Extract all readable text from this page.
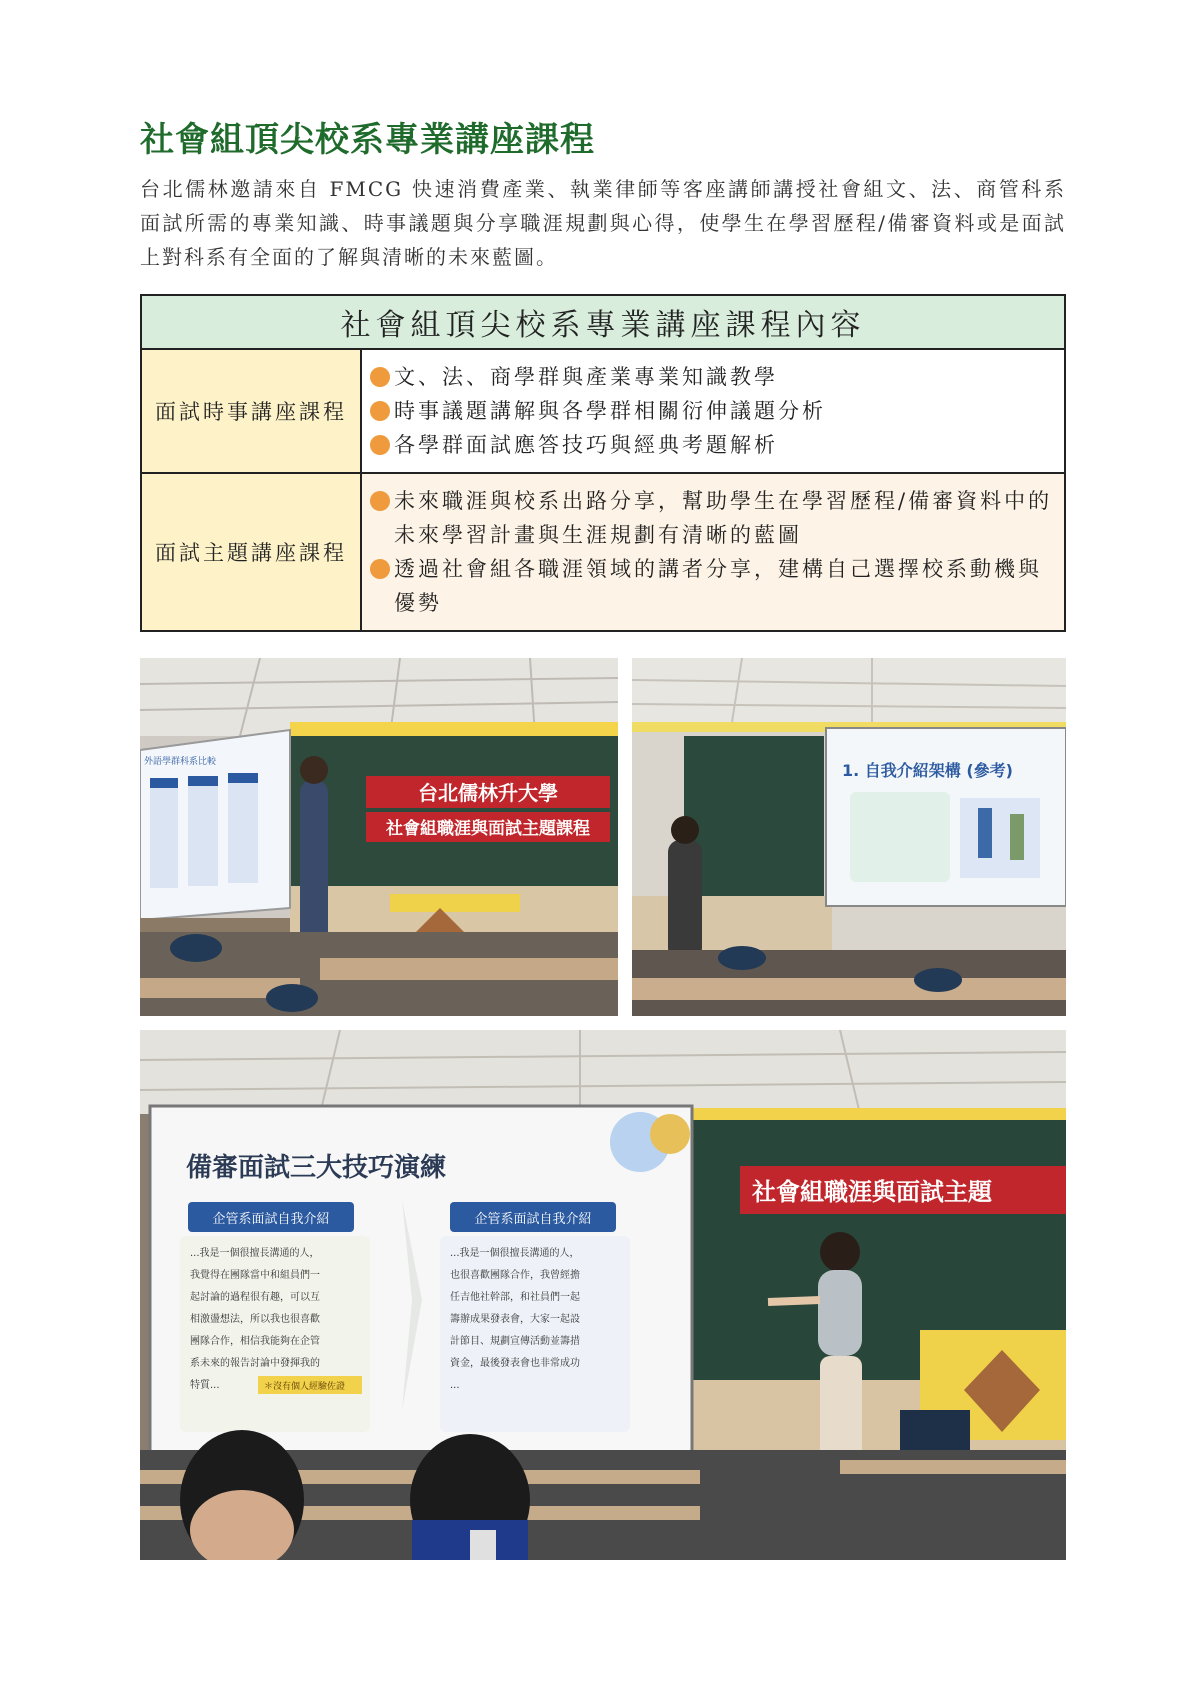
社會組頂尖校系專業講座課程
台北儒林邀請來自 FMCG 快速消費產業、執業律師等客座講師講授社會組文、法、商管科系面試所需的專業知識、時事議題與分享職涯規劃與心得，使學生在學習歷程/備審資料或是面試上對科系有全面的了解與清晰的未來藍圖。
社會組頂尖校系專業講座課程內容	
面試時事講座課程	文、法、商學群與產業專業知識教學
時事議題講解與各學群相關衍伸議題分析
各學群面試應答技巧與經典考題解析

面試主題講座課程	未來職涯與校系出路分享，幫助學生在學習歷程/備審資料中的未來學習計畫與生涯規劃有清晰的藍圖
透過社會組各職涯領域的講者分享，建構自己選擇校系動機與優勢
外語學群科系比較
台北儒林升大學
社會組職涯與面試主題課程
1. 自我介紹架構 (參考)
備審面試三大技巧演練
企管系面試自我介紹
...我是一個很擅長溝通的人，
我覺得在團隊當中和組員們一
起討論的過程很有趣，可以互
相激盪想法，所以我也很喜歡
團隊合作，相信我能夠在企管
系未來的報告討論中發揮我的
特質...	＊沒有個人經驗佐證
企管系面試自我介紹
...我是一個很擅長溝通的人，
也很喜歡團隊合作，我曾經擔
任吉他社幹部，和社員們一起
籌辦成果發表會，大家一起設
計節目、規劃宣傳活動並籌措
資金，最後發表會也非常成功
...
社會組職涯與面試主題
